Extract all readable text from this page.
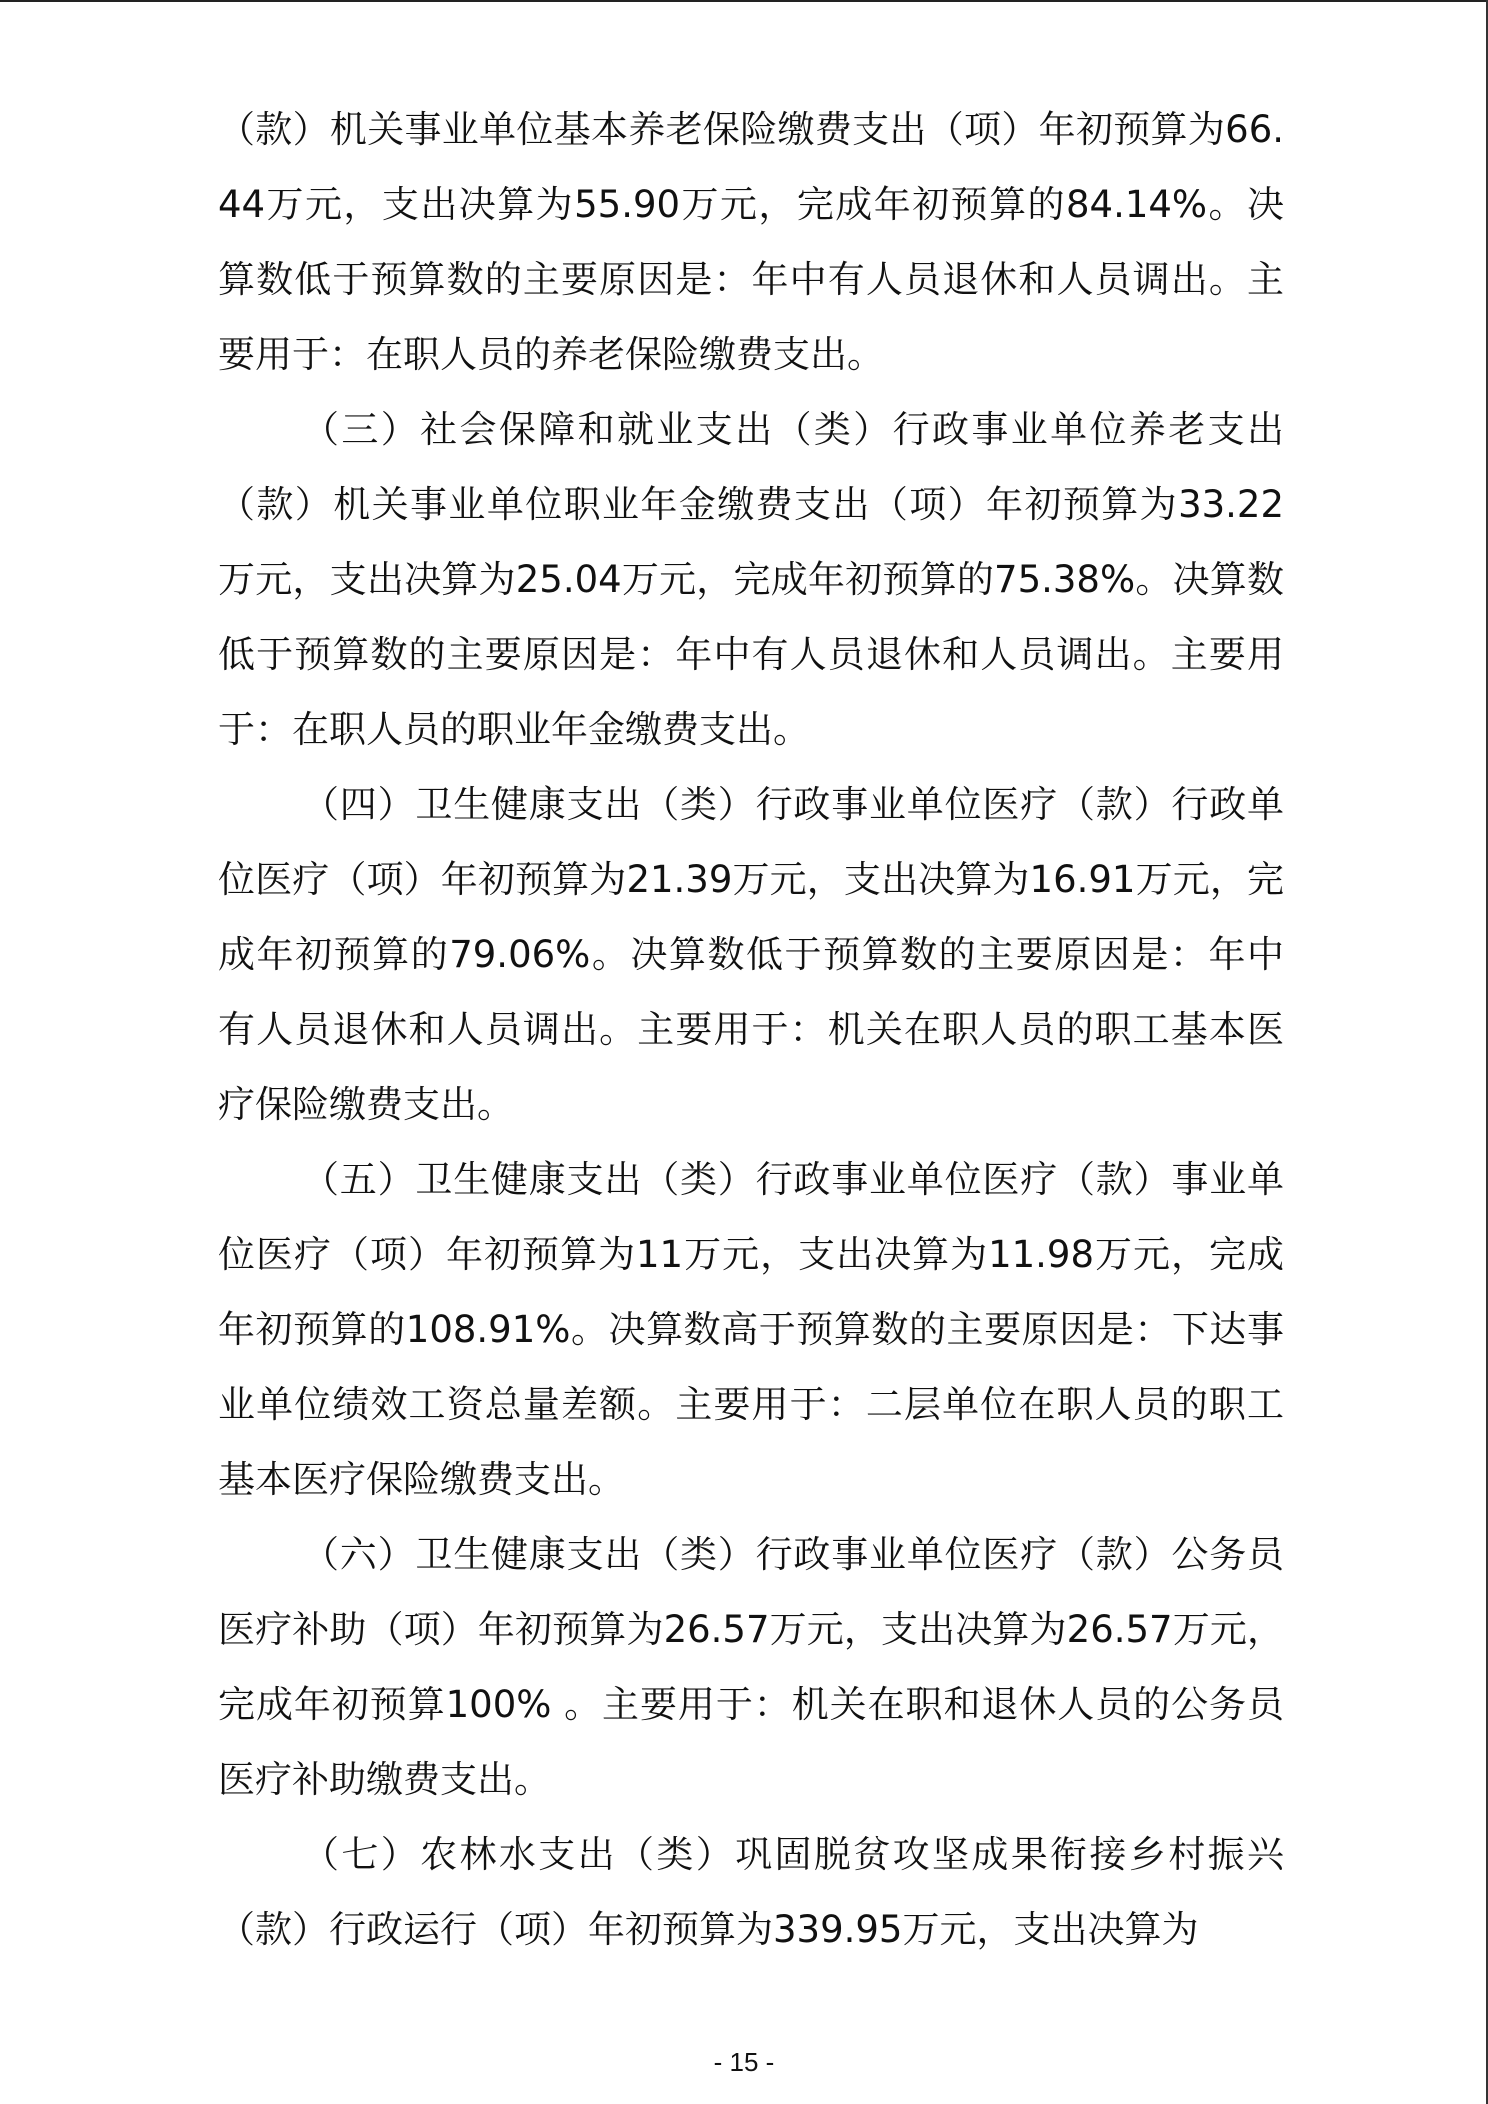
（款）机关事业单位基本养老保险缴费支出（项）年初预算为66.44万元，支出决算为55.90万元，完成年初预算的84.14%。决算数低于预算数的主要原因是：年中有人员退休和人员调出。主要用于：在职人员的养老保险缴费支出。

（三）社会保障和就业支出（类）行政事业单位养老支出（款）机关事业单位职业年金缴费支出（项）年初预算为33.22万元，支出决算为25.04万元，完成年初预算的75.38%。决算数低于预算数的主要原因是：年中有人员退休和人员调出。主要用于：在职人员的职业年金缴费支出。

（四）卫生健康支出（类）行政事业单位医疗（款）行政单位医疗（项）年初预算为21.39万元，支出决算为16.91万元，完成年初预算的79.06%。决算数低于预算数的主要原因是：年中有人员退休和人员调出。主要用于：机关在职人员的职工基本医疗保险缴费支出。

（五）卫生健康支出（类）行政事业单位医疗（款）事业单位医疗（项）年初预算为11万元，支出决算为11.98万元，完成年初预算的108.91%。决算数高于预算数的主要原因是：下达事业单位绩效工资总量差额。主要用于：二层单位在职人员的职工基本医疗保险缴费支出。

（六）卫生健康支出（类）行政事业单位医疗（款）公务员医疗补助（项）年初预算为26.57万元，支出决算为26.57万元，完成年初预算100% 。主要用于：机关在职和退休人员的公务员医疗补助缴费支出。

（七）农林水支出（类）巩固脱贫攻坚成果衔接乡村振兴（款）行政运行（项）年初预算为339.95万元，支出决算为

- 15 -
